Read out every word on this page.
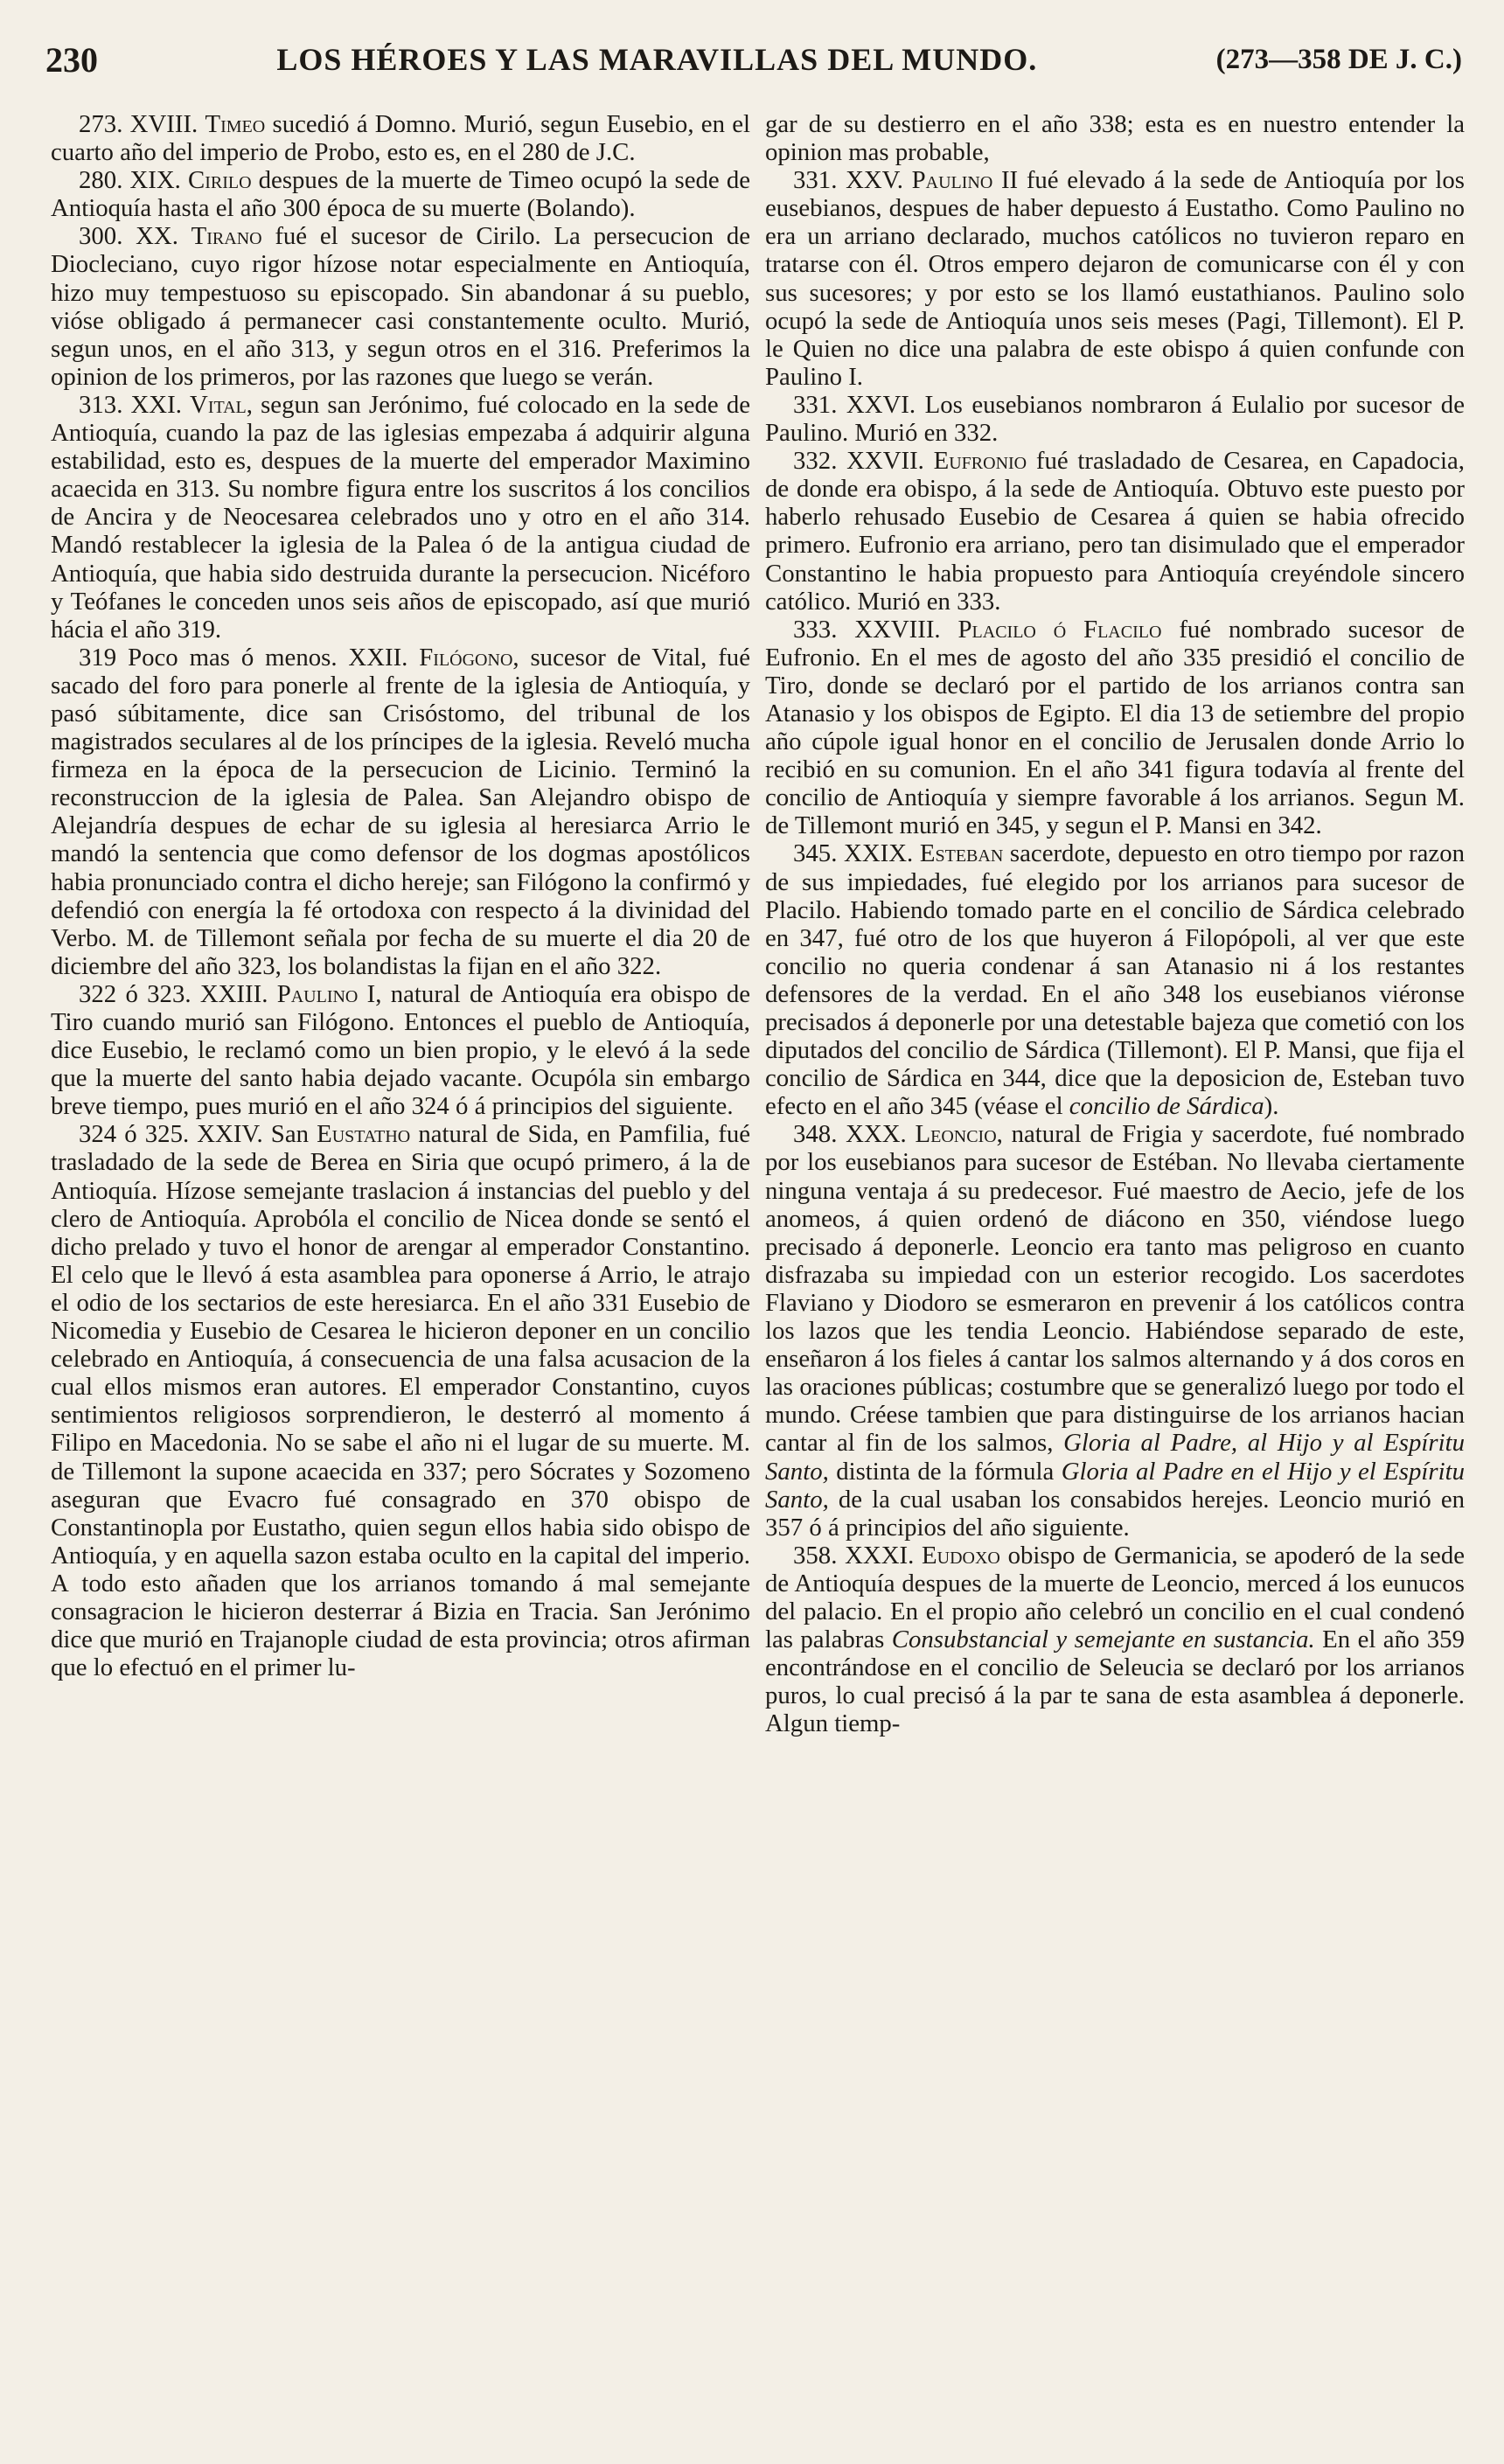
230	LOS HÉROES Y LAS MARAVILLAS DEL MUNDO.	(273—358 DE J. C.)

273. XVIII. Timeo sucedió á Domno. Murió, segun Eusebio, en el cuarto año del imperio de Probo, esto es, en el 280 de J.C.

280. XIX. Cirilo despues de la muerte de Timeo ocupó la sede de Antioquía hasta el año 300 época de su muerte (Bolando).

300. XX. Tirano fué el sucesor de Cirilo. La persecucion de Diocleciano, cuyo rigor hízose notar especialmente en Antioquía, hizo muy tempestuoso su episcopado. Sin abandonar á su pueblo, vióse obligado á permanecer casi constantemente oculto. Murió, segun unos, en el año 313, y segun otros en el 316. Preferimos la opinion de los primeros, por las razones que luego se verán.

313. XXI. Vital, segun san Jerónimo, fué colocado en la sede de Antioquía, cuando la paz de las iglesias empezaba á adquirir alguna estabilidad, esto es, despues de la muerte del emperador Maximino acaecida en 313. Su nombre figura entre los suscritos á los concilios de Ancira y de Neocesarea celebrados uno y otro en el año 314. Mandó restablecer la iglesia de la Palea ó de la antigua ciudad de Antioquía, que habia sido destruida durante la persecucion. Nicéforo y Teófanes le conceden unos seis años de episcopado, así que murió hácia el año 319.

319 Poco mas ó menos. XXII. Filógono, sucesor de Vital, fué sacado del foro para ponerle al frente de la iglesia de Antioquía, y pasó súbitamente, dice san Crisóstomo, del tribunal de los magistrados seculares al de los príncipes de la iglesia. Reveló mucha firmeza en la época de la persecucion de Licinio. Terminó la reconstruccion de la iglesia de Palea. San Alejandro obispo de Alejandría despues de echar de su iglesia al heresiarca Arrio le mandó la sentencia que como defensor de los dogmas apostólicos habia pronunciado contra el dicho hereje; san Filógono la confirmó y defendió con energía la fé ortodoxa con respecto á la divinidad del Verbo. M. de Tillemont señala por fecha de su muerte el dia 20 de diciembre del año 323, los bolandistas la fijan en el año 322.

322 ó 323. XXIII. Paulino I, natural de Antioquía era obispo de Tiro cuando murió san Filógono. Entonces el pueblo de Antioquía, dice Eusebio, le reclamó como un bien propio, y le elevó á la sede que la muerte del santo habia dejado vacante. Ocupóla sin embargo breve tiempo, pues murió en el año 324 ó á principios del siguiente.

324 ó 325. XXIV. San Eustatho natural de Sida, en Pamfilia, fué trasladado de la sede de Berea en Siria que ocupó primero, á la de Antioquía. Hízose semejante traslacion á instancias del pueblo y del clero de Antioquía. Aprobóla el concilio de Nicea donde se sentó el dicho prelado y tuvo el honor de arengar al emperador Constantino. El celo que le llevó á esta asamblea para oponerse á Arrio, le atrajo el odio de los sectarios de este heresiarca. En el año 331 Eusebio de Nicomedia y Eusebio de Cesarea le hicieron deponer en un concilio celebrado en Antioquía, á consecuencia de una falsa acusacion de la cual ellos mismos eran autores. El emperador Constantino, cuyos sentimientos religiosos sorprendieron, le desterró al momento á Filipo en Macedonia. No se sabe el año ni el lugar de su muerte. M. de Tillemont la supone acaecida en 337; pero Sócrates y Sozomeno aseguran que Evacro fué consagrado en 370 obispo de Constantinopla por Eustatho, quien segun ellos habia sido obispo de Antioquía, y en aquella sazon estaba oculto en la capital del imperio. A todo esto añaden que los arrianos tomando á mal semejante consagracion le hicieron desterrar á Bizia en Tracia. San Jerónimo dice que murió en Trajanople ciudad de esta provincia; otros afirman que lo efectuó en el primer lu-

gar de su destierro en el año 338; esta es en nuestro entender la opinion mas probable,

331. XXV. Paulino II fué elevado á la sede de Antioquía por los eusebianos, despues de haber depuesto á Eustatho. Como Paulino no era un arriano declarado, muchos católicos no tuvieron reparo en tratarse con él. Otros empero dejaron de comunicarse con él y con sus sucesores; y por esto se los llamó eustathianos. Paulino solo ocupó la sede de Antioquía unos seis meses (Pagi, Tillemont). El P. le Quien no dice una palabra de este obispo á quien confunde con Paulino I.

331. XXVI. Los eusebianos nombraron á Eulalio por sucesor de Paulino. Murió en 332.

332. XXVII. Eufronio fué trasladado de Cesarea, en Capadocia, de donde era obispo, á la sede de Antioquía. Obtuvo este puesto por haberlo rehusado Eusebio de Cesarea á quien se habia ofrecido primero. Eufronio era arriano, pero tan disimulado que el emperador Constantino le habia propuesto para Antioquía creyéndole sincero católico. Murió en 333.

333. XXVIII. Placilo ó Flacilo fué nombrado sucesor de Eufronio. En el mes de agosto del año 335 presidió el concilio de Tiro, donde se declaró por el partido de los arrianos contra san Atanasio y los obispos de Egipto. El dia 13 de setiembre del propio año cúpole igual honor en el concilio de Jerusalen donde Arrio lo recibió en su comunion. En el año 341 figura todavía al frente del concilio de Antioquía y siempre favorable á los arrianos. Segun M. de Tillemont murió en 345, y segun el P. Mansi en 342.

345. XXIX. Esteban sacerdote, depuesto en otro tiempo por razon de sus impiedades, fué elegido por los arrianos para sucesor de Placilo. Habiendo tomado parte en el concilio de Sárdica celebrado en 347, fué otro de los que huyeron á Filopópoli, al ver que este concilio no queria condenar á san Atanasio ni á los restantes defensores de la verdad. En el año 348 los eusebianos viéronse precisados á deponerle por una detestable bajeza que cometió con los diputados del concilio de Sárdica (Tillemont). El P. Mansi, que fija el concilio de Sárdica en 344, dice que la deposicion de, Esteban tuvo efecto en el año 345 (véase el concilio de Sárdica).

348. XXX. Leoncio, natural de Frigia y sacerdote, fué nombrado por los eusebianos para sucesor de Estéban. No llevaba ciertamente ninguna ventaja á su predecesor. Fué maestro de Aecio, jefe de los anomeos, á quien ordenó de diácono en 350, viéndose luego precisado á deponerle. Leoncio era tanto mas peligroso en cuanto disfrazaba su impiedad con un esterior recogido. Los sacerdotes Flaviano y Diodoro se esmeraron en prevenir á los católicos contra los lazos que les tendia Leoncio. Habiéndose separado de este, enseñaron á los fieles á cantar los salmos alternando y á dos coros en las oraciones públicas; costumbre que se generalizó luego por todo el mundo. Créese tambien que para distinguirse de los arrianos hacian cantar al fin de los salmos, Gloria al Padre, al Hijo y al Espíritu Santo, distinta de la fórmula Gloria al Padre en el Hijo y el Espíritu Santo, de la cual usaban los consabidos herejes. Leoncio murió en 357 ó á principios del año siguiente.

358. XXXI. Eudoxo obispo de Germanicia, se apoderó de la sede de Antioquía despues de la muerte de Leoncio, merced á los eunucos del palacio. En el propio año celebró un concilio en el cual condenó las palabras Consubstancial y semejante en sustancia. En el año 359 encontrándose en el concilio de Seleucia se declaró por los arrianos puros, lo cual precisó á la par te sana de esta asamblea á deponerle. Algun tiemp-
